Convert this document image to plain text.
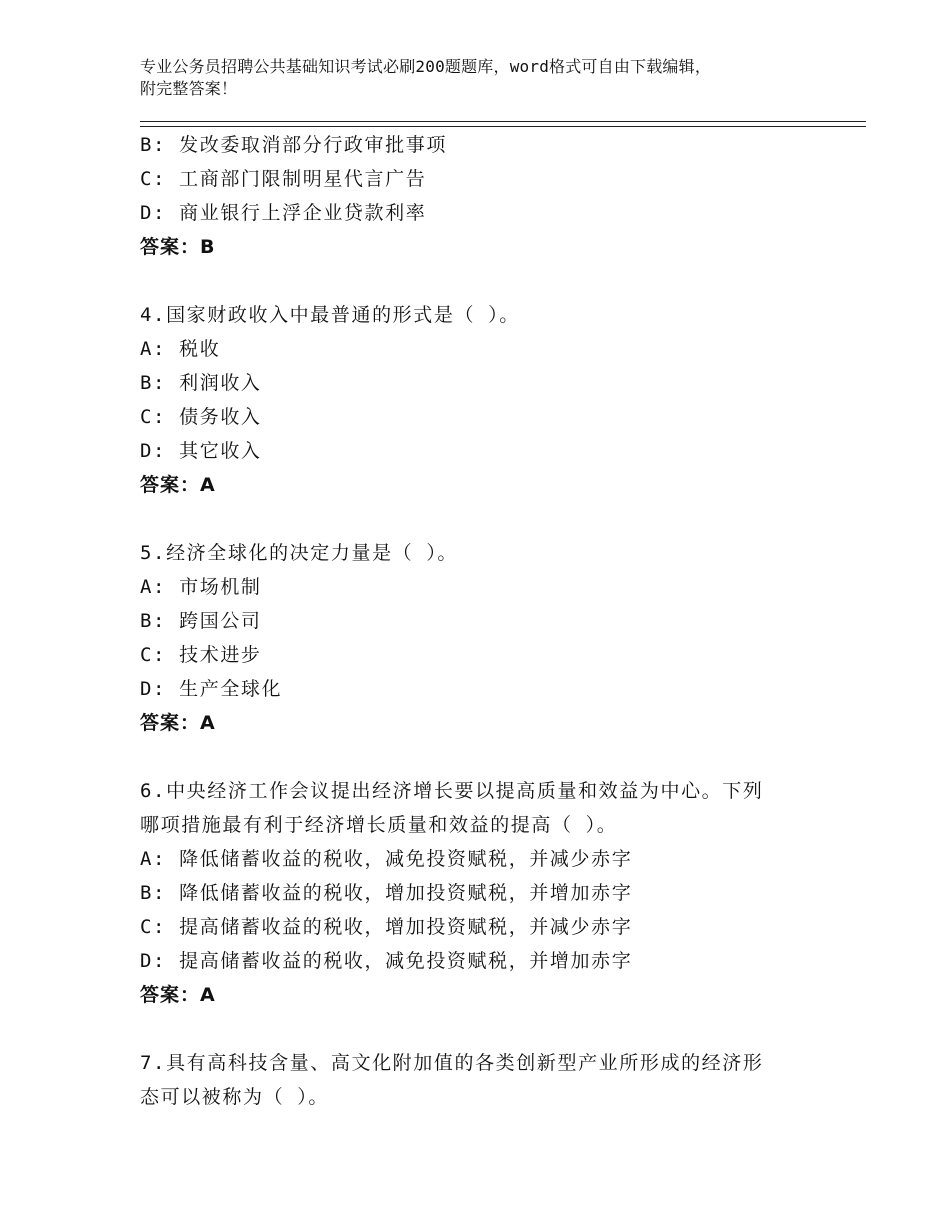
专业公务员招聘公共基础知识考试必刷200题题库，word格式可自由下载编辑，
附完整答案！
B: 发改委取消部分行政审批事项
C: 工商部门限制明星代言广告
D: 商业银行上浮企业贷款利率
答案：B
4.国家财政收入中最普通的形式是（ ）。
A: 税收
B: 利润收入
C: 债务收入
D: 其它收入
答案：A
5.经济全球化的决定力量是（ ）。
A: 市场机制
B: 跨国公司
C: 技术进步
D: 生产全球化
答案：A
6.中央经济工作会议提出经济增长要以提高质量和效益为中心。下列
哪项措施最有利于经济增长质量和效益的提高（ ）。
A: 降低储蓄收益的税收，减免投资赋税，并减少赤字
B: 降低储蓄收益的税收，增加投资赋税，并增加赤字
C: 提高储蓄收益的税收，增加投资赋税，并减少赤字
D: 提高储蓄收益的税收，减免投资赋税，并增加赤字
答案：A
7.具有高科技含量、高文化附加值的各类创新型产业所形成的经济形
态可以被称为（ ）。
